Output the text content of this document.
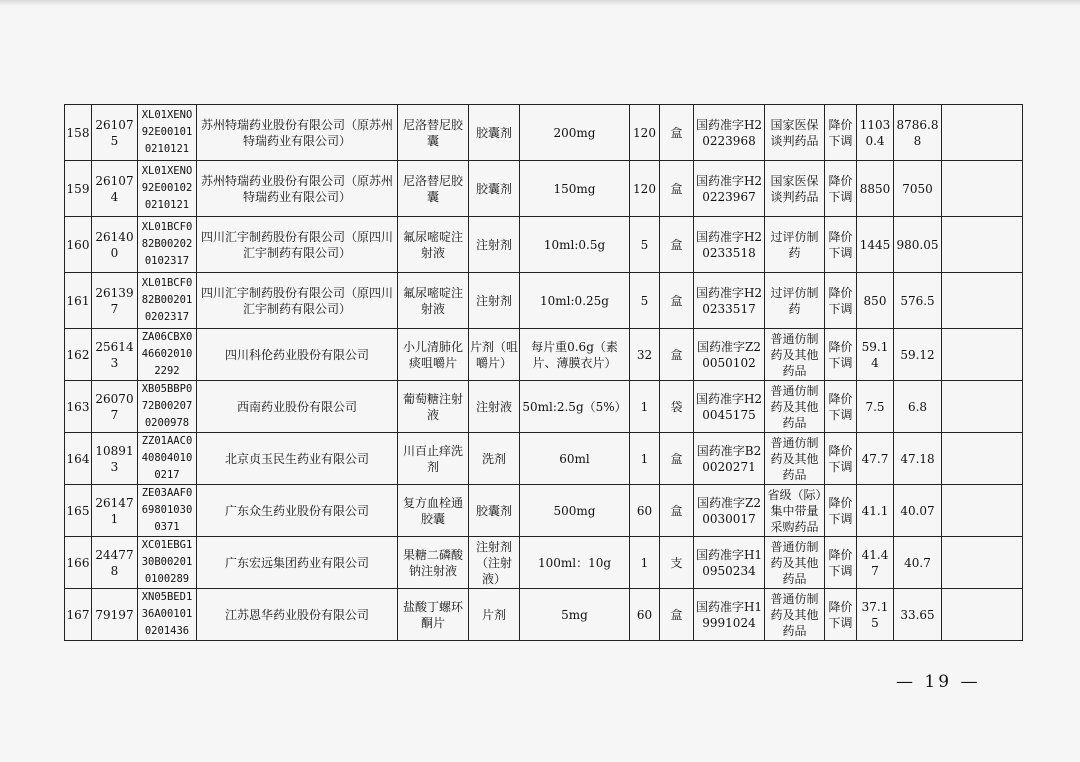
158	261075	XL01XENO92E001010210121	苏州特瑞药业股份有限公司（原苏州特瑞药业有限公司）	尼洛替尼胶囊	胶囊剂	200mg	120	盒	国药准字H20223968	国家医保谈判药品	降价下调	11030.4	8786.88	
159	261074	XL01XENO92E001020210121	苏州特瑞药业股份有限公司（原苏州特瑞药业有限公司）	尼洛替尼胶囊	胶囊剂	150mg	120	盒	国药准字H20223967	国家医保谈判药品	降价下调	8850	7050	
160	261400	XL01BCF082B002020102317	四川汇宇制药股份有限公司（原四川汇宇制药有限公司）	氟尿嘧啶注射液	注射剂	10ml:0.5g	5	盒	国药准字H20233518	过评仿制药	降价下调	1445	980.05	
161	261397	XL01BCF082B002010202317	四川汇宇制药股份有限公司（原四川汇宇制药有限公司）	氟尿嘧啶注射液	注射剂	10ml:0.25g	5	盒	国药准字H20233517	过评仿制药	降价下调	850	576.5	
162	256143	ZA06CBX0466020102292	四川科伦药业股份有限公司	小儿清肺化痰咀嚼片	片剂（咀嚼片）	每片重0.6g（素片、薄膜衣片）	32	盒	国药准字Z20050102	普通仿制药及其他药品	降价下调	59.14	59.12	
163	260707	XB05BBP072B002070200978	西南药业股份有限公司	葡萄糖注射液	注射液	50ml:2.5g（5%）	1	袋	国药准字H20045175	普通仿制药及其他药品	降价下调	7.5	6.8	
164	108913	ZZ01AAC0408040100217	北京贞玉民生药业有限公司	川百止痒洗剂	洗剂	60ml	1	盒	国药准字B20020271	普通仿制药及其他药品	降价下调	47.7	47.18	
165	261471	ZE03AAF0698010300371	广东众生药业股份有限公司	复方血栓通胶囊	胶囊剂	500mg	60	盒	国药准字Z20030017	省级（际）集中带量采购药品	降价下调	41.1	40.07	
166	244778	XC01EBG130B002010100289	广东宏远集团药业有限公司	果糖二磷酸钠注射液	注射剂（注射液）	100ml：10g	1	支	国药准字H10950234	普通仿制药及其他药品	降价下调	41.47	40.7	
167	79197	XN05BED136A001010201436	江苏恩华药业股份有限公司	盐酸丁螺环酮片	片剂	5mg	60	盒	国药准字H19991024	普通仿制药及其他药品	降价下调	37.15	33.65	
— 19 —
